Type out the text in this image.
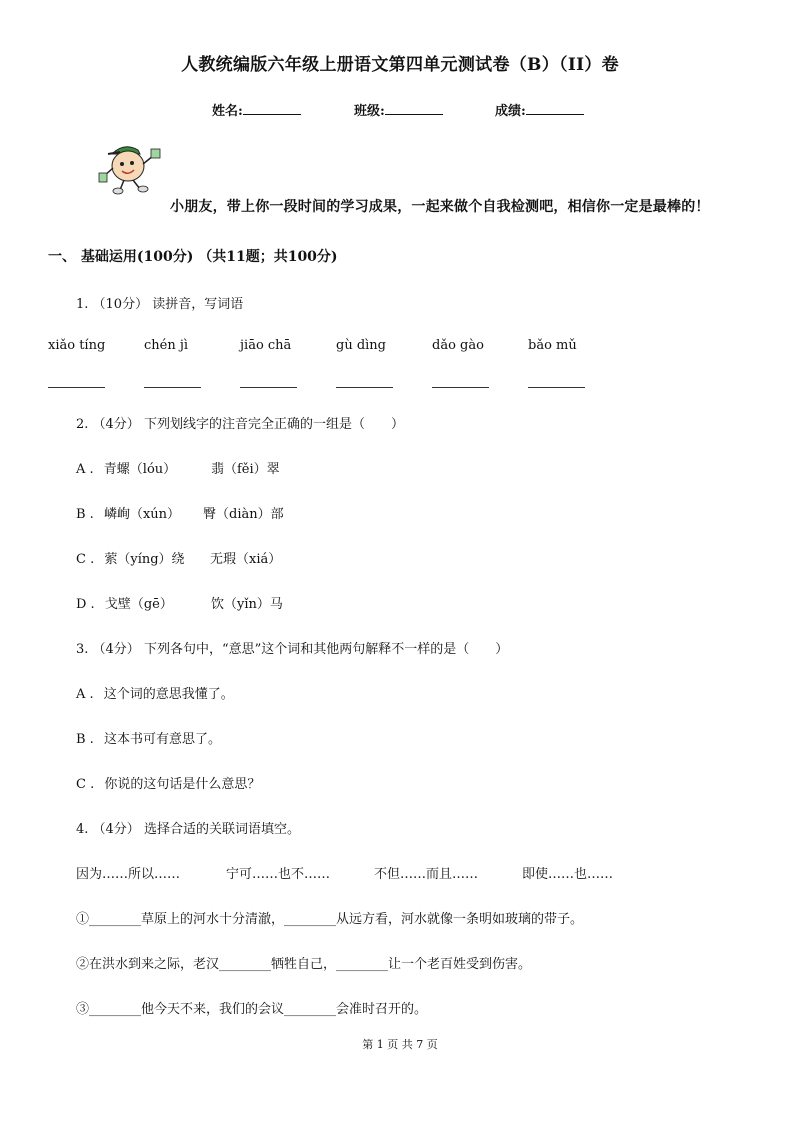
人教统编版六年级上册语文第四单元测试卷（B）（II）卷
姓名:	班级:	成绩:
小朋友，带上你一段时间的学习成果，一起来做个自我检测吧，相信你一定是最棒的！
一、 基础运用(100分) （共11题；共100分)
1. （10分） 读拼音，写词语
xiǎo tíng	chén jì	jiāo chā	gù dìng	dǎo gào	bǎo mǔ
2. （4分） 下列划线字的注音完全正确的一组是（　　）
A . 青螺（lóu）	翡（fěi）翠
B . 嶙峋（xún） 臀（diàn）部
C . 萦（yíng）绕 无瑕（xiá）
D . 戈壁（gē）	饮（yǐn）马
3. （4分） 下列各句中，“意思”这个词和其他两句解释不一样的是（　　）
A . 这个词的意思我懂了。
B . 这本书可有意思了。
C . 你说的这句话是什么意思？
4. （4分） 选择合适的关联词语填空。
因为……所以……	宁可……也不……	不但……而且……	即使……也……
①________草原上的河水十分清澈，________从远方看，河水就像一条明如玻璃的带子。
②在洪水到来之际，老汉________牺牲自己，________让一个老百姓受到伤害。
③________他今天不来，我们的会议________会准时召开的。
第 1 页 共 7 页
